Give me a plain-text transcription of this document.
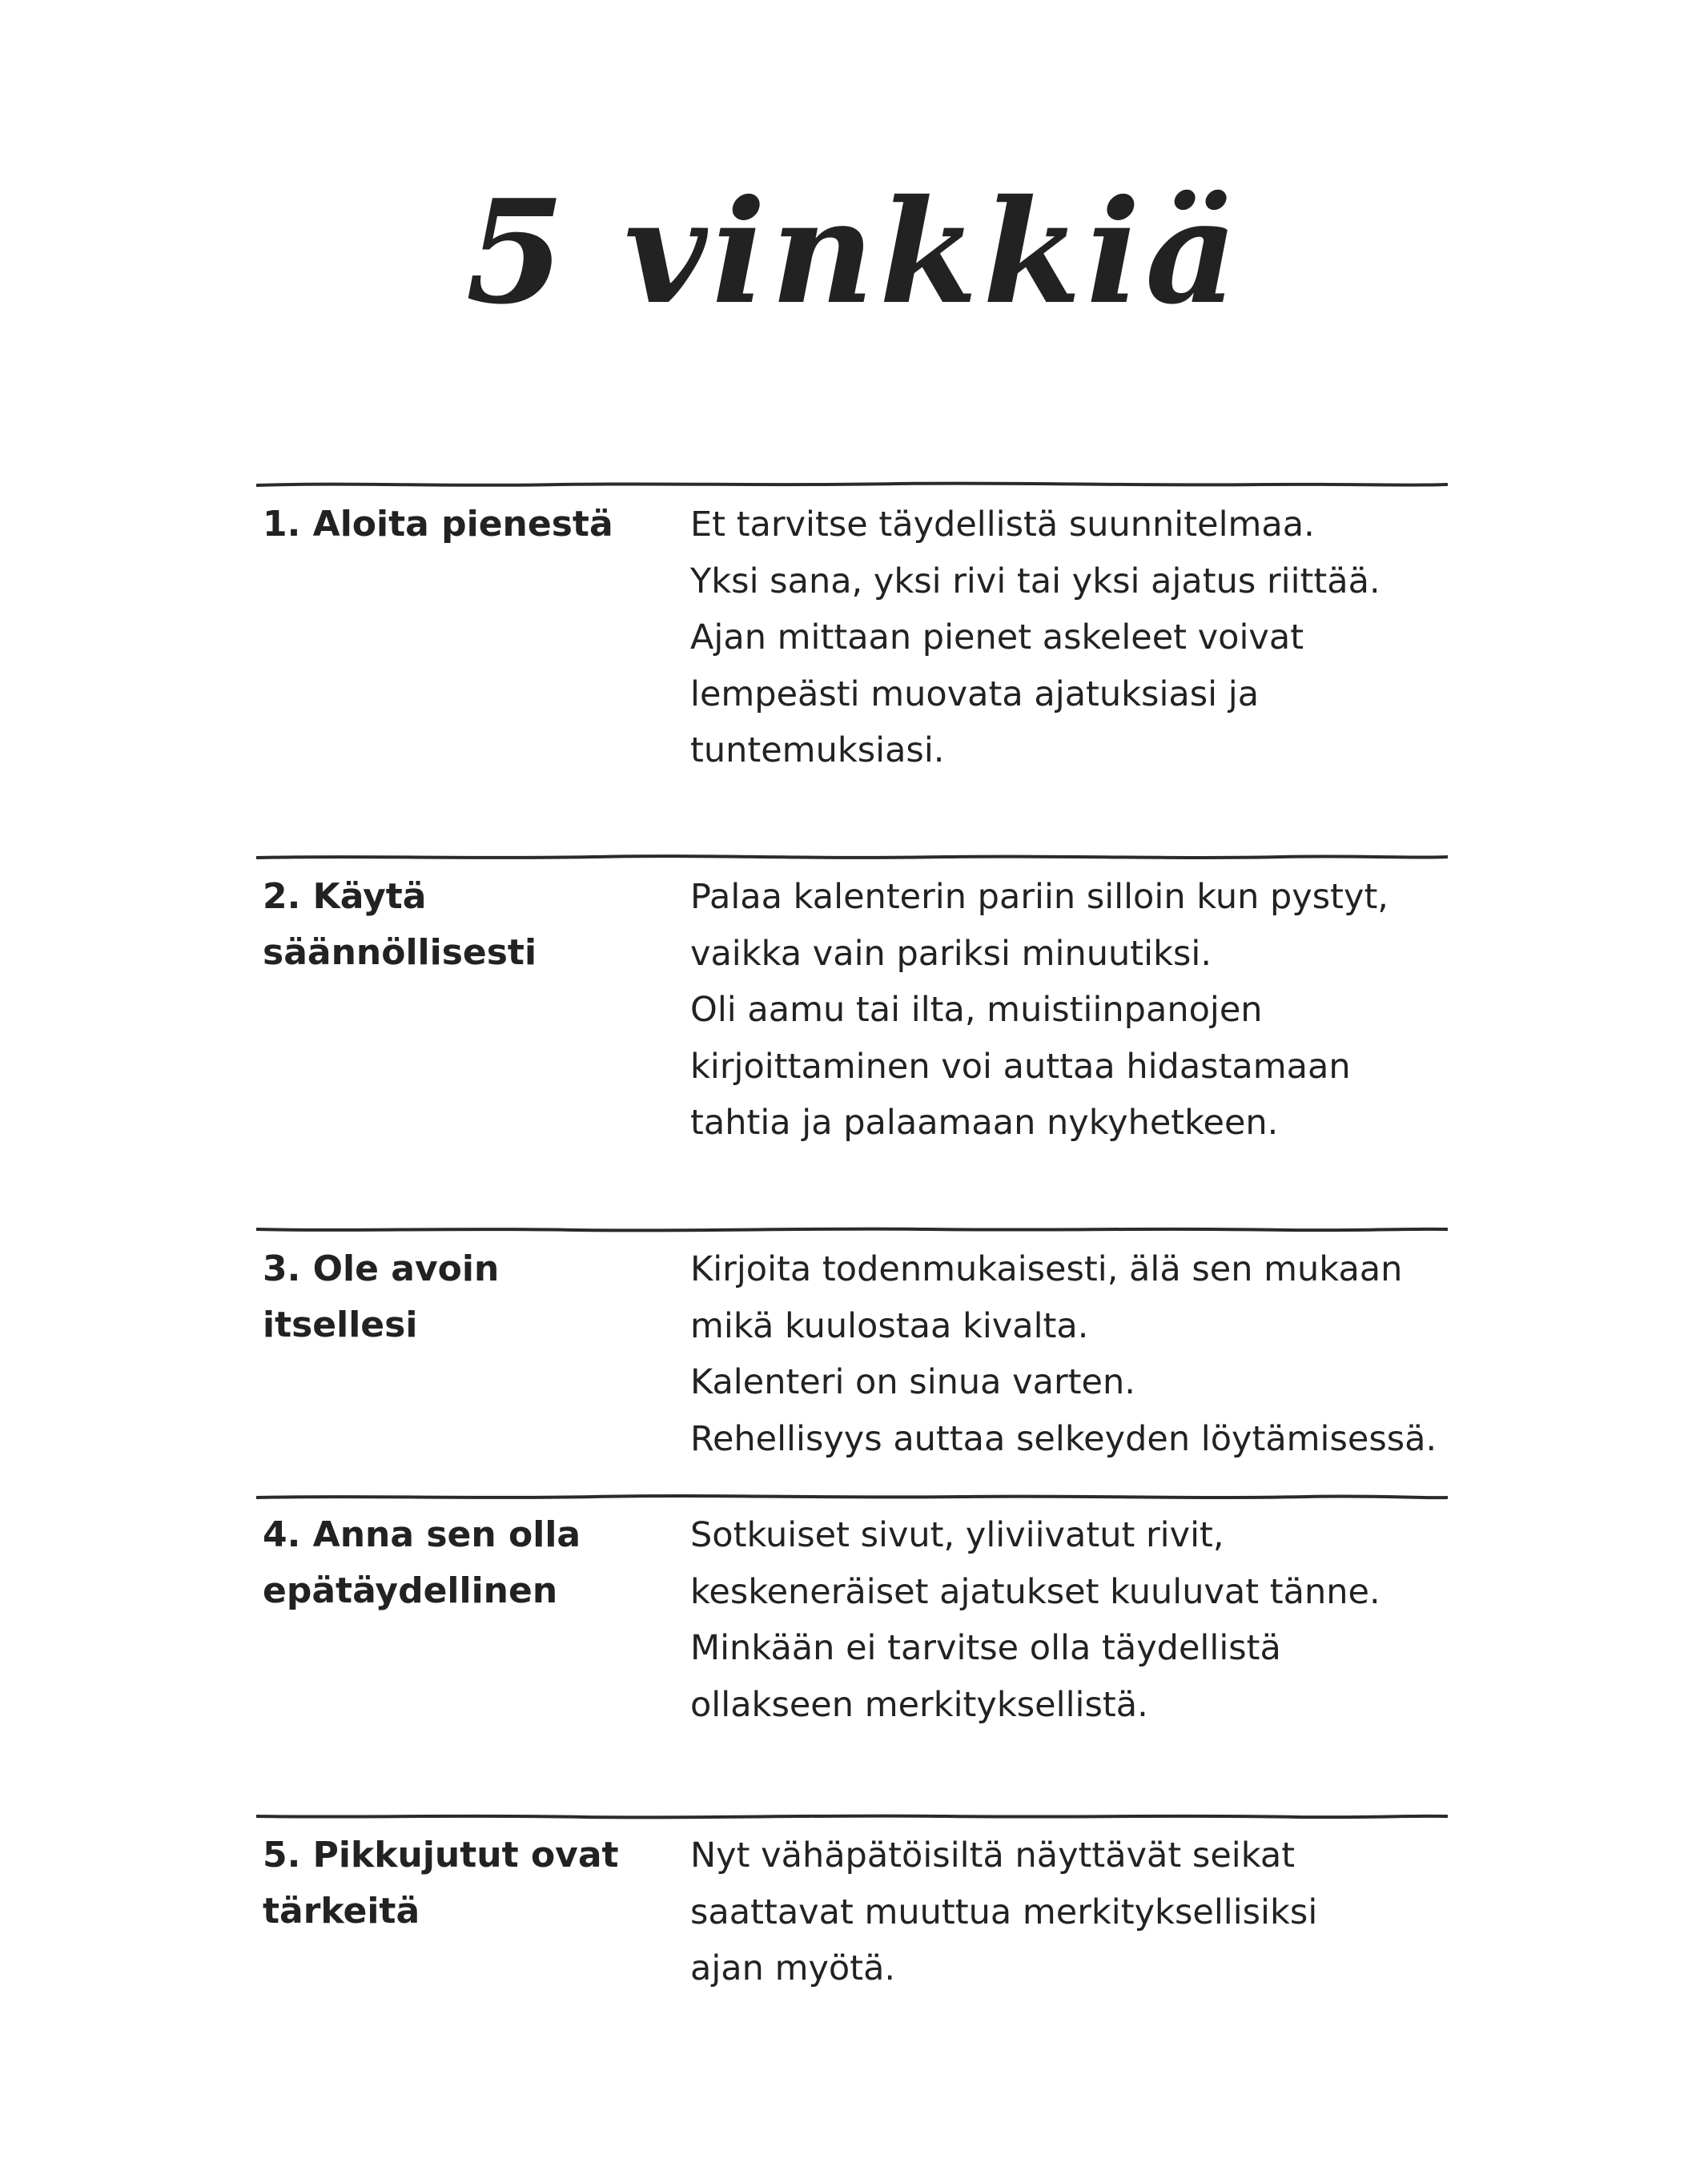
5 vinkkiä
1. Aloita pienestä	Et tarvitse täydellistä suunnitelmaa.
Yksi sana, yksi rivi tai yksi ajatus riittää.
Ajan mittaan pienet askeleet voivat
lempeästi muovata ajatuksiasi ja
tuntemuksiasi.
2. Käytä
säännöllisesti
Palaa kalenterin pariin silloin kun pystyt,
vaikka vain pariksi minuutiksi.
Oli aamu tai ilta, muistiinpanojen
kirjoittaminen voi auttaa hidastamaan
tahtia ja palaamaan nykyhetkeen.
3. Ole avoin itsellesi
Kirjoita todenmukaisesti, älä sen mukaan
mikä kuulostaa kivalta.
Kalenteri on sinua varten.
Rehellisyys auttaa selkeyden löytämisessä.
4. Anna sen olla
epätäydellinen
Sotkuiset sivut, yliviivatut rivit,
keskeneräiset ajatukset kuuluvat tänne.
Minkään ei tarvitse olla täydellistä
ollakseen merkityksellistä.
5. Pikkujutut ovat
tärkeitä
Nyt vähäpätöisiltä näyttävät seikat
saattavat muuttua merkityksellisiksi
ajan myötä.
